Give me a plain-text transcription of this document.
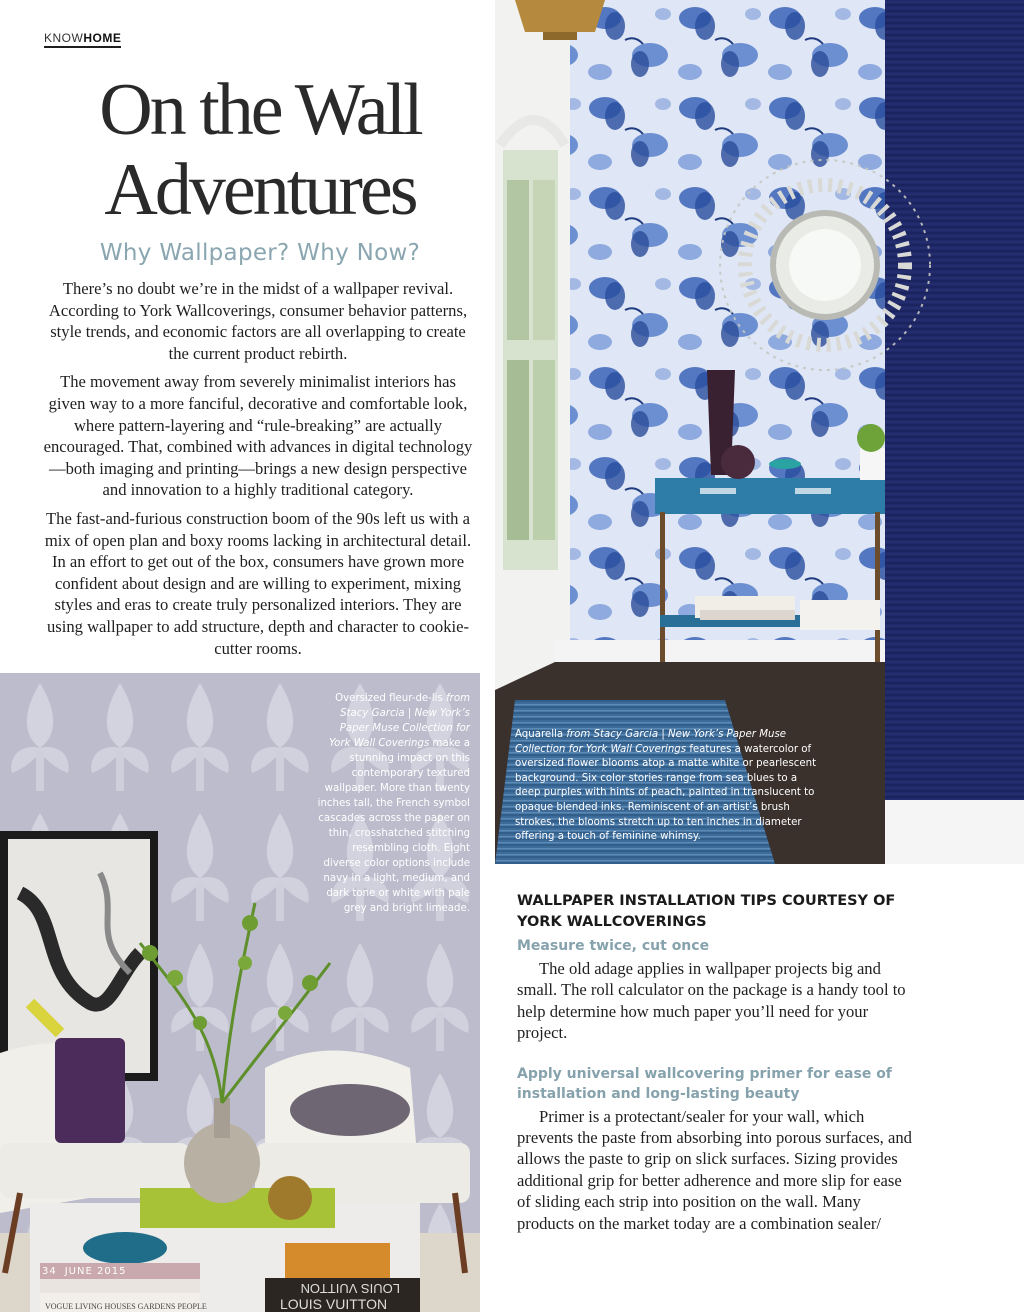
KNOWHOME
On the Wall
Adventures

Why Wallpaper? Why Now?

There’s no doubt we’re in the midst of a wallpaper revival. According to York Wallcoverings, consumer behavior patterns, style trends, and economic factors are all overlapping to create the current product rebirth.

The movement away from severely minimalist interiors has given way to a more fanciful, decorative and comfortable look, where pattern-layering and “rule-breaking” are actually encouraged. That, combined with advances in digital technology—both imaging and printing—brings a new design perspective and innovation to a highly traditional category.

The fast-and-furious construction boom of the 90s left us with a mix of open plan and boxy rooms lacking in architectural detail. In an effort to get out of the box, consumers have grown more confident about design and are willing to experiment, mixing styles and eras to create truly personalized interiors. They are using wallpaper to add structure, depth and character to cookie-cutter rooms.

Aquarella from Stacy Garcia | New York’s Paper Muse Collection for York Wall Coverings features a watercolor of oversized flower blooms atop a matte white or pearlescent background. Six color stories range from sea blues to a deep purples with hints of peach, painted in translucent to opaque blended inks. Reminiscent of an artist’s brush strokes, the blooms stretch up to ten inches in diameter offering a touch of feminine whimsy.
VOGUE LIVING HOUSES GARDENS PEOPLE
LOUIS VUITTON
LOUIS VUITTON
Oversized fleur-de-lis from Stacy Garcia | New York’s Paper Muse Collection for York Wall Coverings make a stunning impact on this contemporary textured wallpaper. More than twenty inches tall, the French symbol cascades across the paper on thin, crosshatched stitching resembling cloth. Eight diverse color options include navy in a light, medium, and dark tone or white with pale grey and bright limeade.
34 JUNE 2015
WALLPAPER INSTALLATION TIPS COURTESY OF YORK WALLCOVERINGS
Measure twice, cut once

The old adage applies in wallpaper projects big and small. The roll calculator on the package is a handy tool to help determine how much paper you’ll need for your project.

Apply universal wallcovering primer for ease of installation and long-lasting beauty

Primer is a protectant/sealer for your wall, which prevents the paste from absorbing into porous surfaces, and allows the paste to grip on slick surfaces. Sizing provides additional grip for better adherence and more slip for ease of sliding each strip into position on the wall. Many products on the market today are a combination sealer/
